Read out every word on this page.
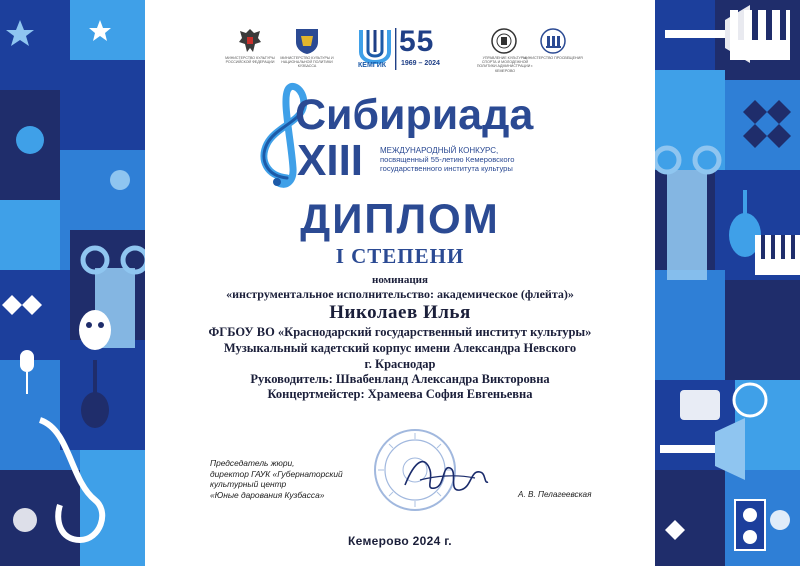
МИНИСТЕРСТВО КУЛЬТУРЫ РОССИЙСКОЙ ФЕДЕРАЦИИ
МИНИСТЕРСТВО КУЛЬТУРЫ И НАЦИОНАЛЬНОЙ ПОЛИТИКИ КУЗБАССА	КЕМГИК
55
1969 – 2024
УПРАВЛЕНИЕ КУЛЬТУРЫ, СПОРТА И МОЛОДЕЖНОЙ ПОЛИТИКИ АДМИНИСТРАЦИИ г. КЕМЕРОВО
МИНИСТЕРСТВО ПРОСВЕЩЕНИЯ
Сибириада
XIII МЕЖДУНАРОДНЫЙ КОНКУРС,
посвященный 55-летию Кемеровского государственного института культуры
ДИПЛОМ
I СТЕПЕНИ
номинация
«инструментальное исполнительство: академическое (флейта)»
Николаев Илья
ФГБОУ ВО «Краснодарский государственный институт культуры»
Музыкальный кадетский корпус имени Александра Невского
г. Краснодар
Руководитель: Швабенланд Александра Викторовна
Концертмейстер: Храмеева София Евгеньевна
Председатель жюри,
директор ГАУК «Губернаторский
культурный центр
«Юные дарования Кузбасса»	А. В. Пелагеевская
Кемерово 2024 г.
